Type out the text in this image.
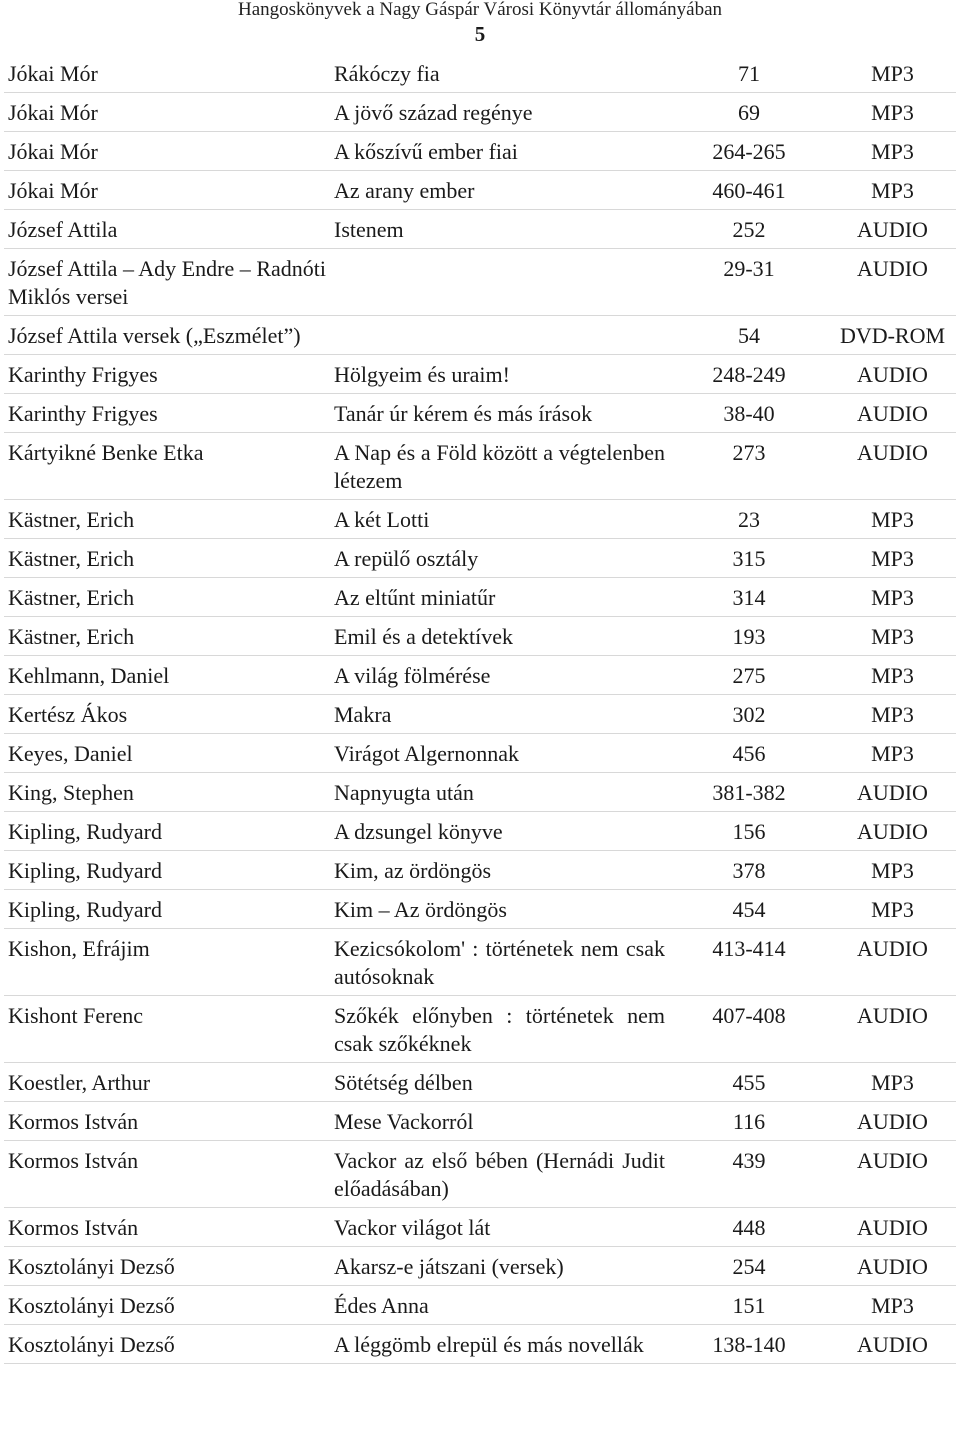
Hangoskönyvek a Nagy Gáspár Városi Könyvtár állományában
5
Jókai Mór	Rákóczy fia	71	MP3
Jókai Mór	A jövő század regénye	69	MP3
Jókai Mór	A kőszívű ember fiai	264-265	MP3
Jókai Mór	Az arany ember	460-461	MP3
József Attila	Istenem	252	AUDIO
József Attila – Ady Endre – Radnóti Miklós versei		29-31	AUDIO
József Attila versek („Eszmélet”)		54	DVD-ROM
Karinthy Frigyes	Hölgyeim és uraim!	248-249	AUDIO
Karinthy Frigyes	Tanár úr kérem és más írások	38-40	AUDIO
Kártyikné Benke Etka	A Nap és a Föld között a végtelenben létezem	273	AUDIO
Kästner, Erich	A két Lotti	23	MP3
Kästner, Erich	A repülő osztály	315	MP3
Kästner, Erich	Az eltűnt miniatűr	314	MP3
Kästner, Erich	Emil és a detektívek	193	MP3
Kehlmann, Daniel	A világ fölmérése	275	MP3
Kertész Ákos	Makra	302	MP3
Keyes, Daniel	Virágot Algernonnak	456	MP3
King, Stephen	Napnyugta után	381-382	AUDIO
Kipling, Rudyard	A dzsungel könyve	156	AUDIO
Kipling, Rudyard	Kim, az ördöngös	378	MP3
Kipling, Rudyard	Kim – Az ördöngös	454	MP3
Kishon, Efrájim	Kezicsókolom' : történetek nem csak autósoknak	413-414	AUDIO
Kishont Ferenc	Szőkék előnyben : történetek nem csak szőkéknek	407-408	AUDIO
Koestler, Arthur	Sötétség délben	455	MP3
Kormos István	Mese Vackorról	116	AUDIO
Kormos István	Vackor az első bében (Hernádi Judit előadásában)	439	AUDIO
Kormos István	Vackor világot lát	448	AUDIO
Kosztolányi Dezső	Akarsz-e játszani (versek)	254	AUDIO
Kosztolányi Dezső	Édes Anna	151	MP3
Kosztolányi Dezső	A léggömb elrepül és más novellák	138-140	AUDIO
